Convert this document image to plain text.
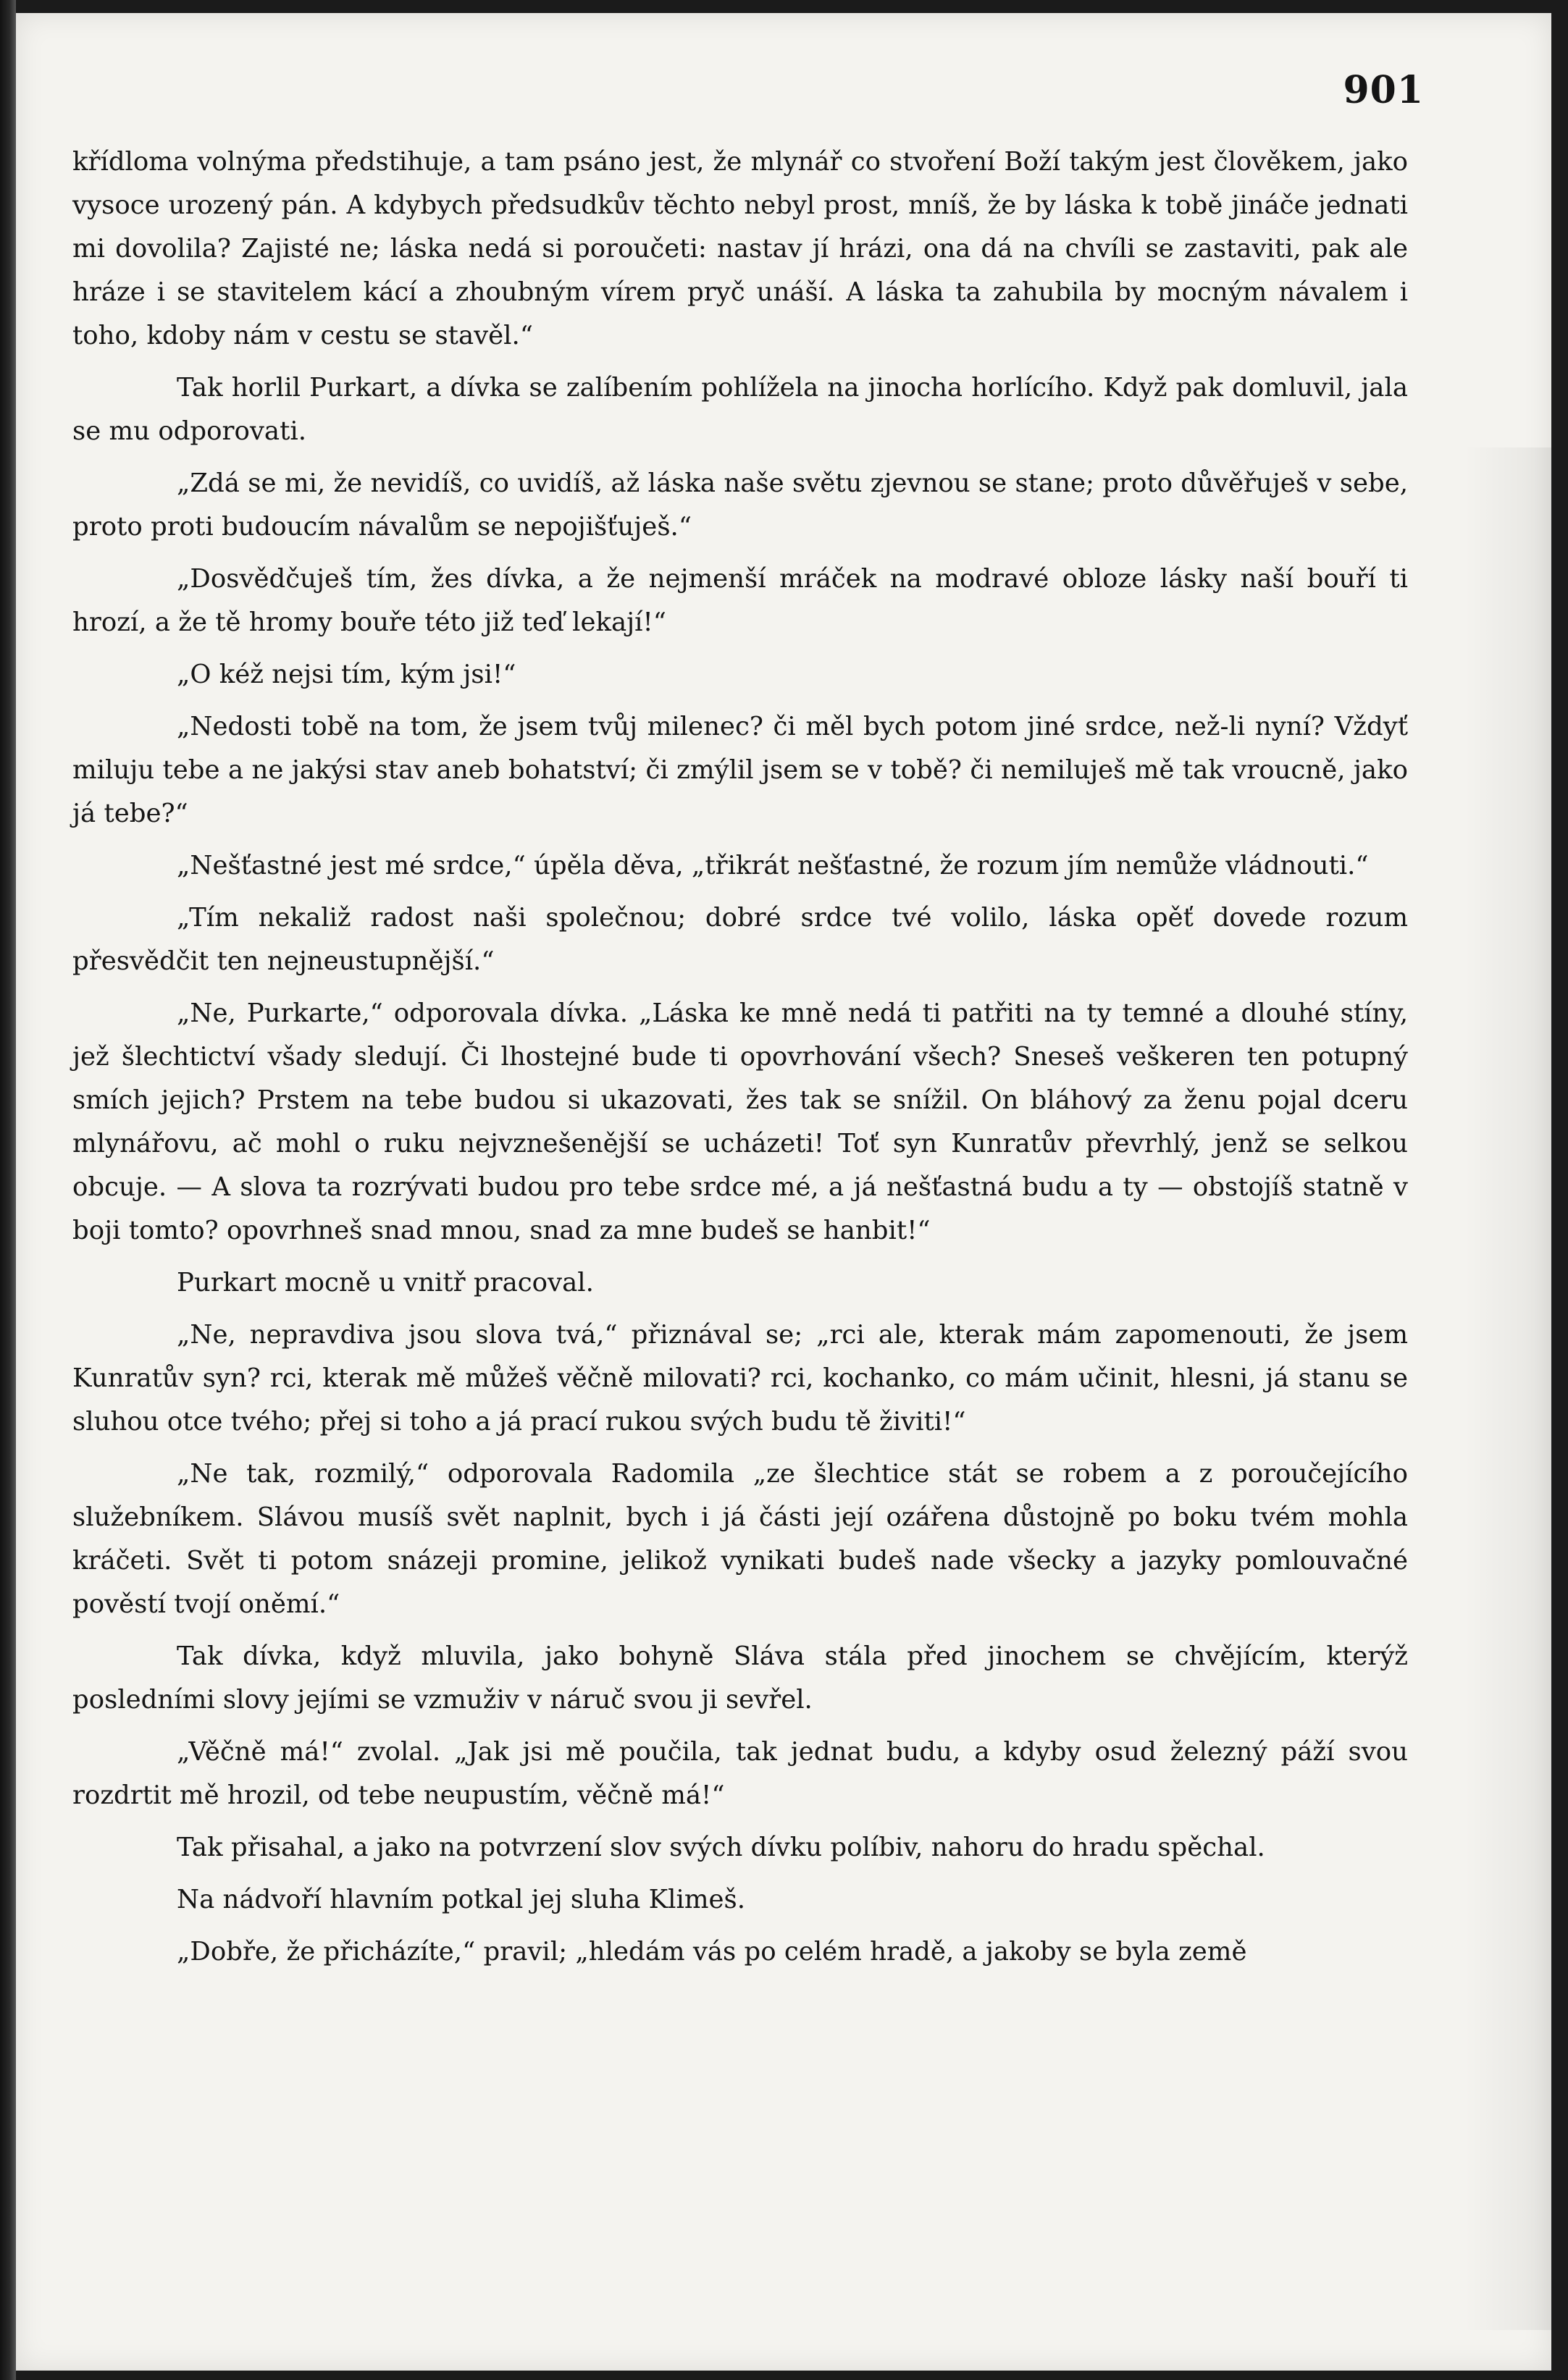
901

křídloma volnýma předstihuje, a tam psáno jest, že mlynář co stvoření Boží takým jest člověkem, jako vysoce urozený pán. A kdybych předsudkův těchto nebyl prost, mníš, že by láska k tobě jináče jednati mi dovolila? Zajisté ne; láska nedá si poroučeti: nastav jí hrázi, ona dá na chvíli se zastaviti, pak ale hráze i se stavitelem kácí a zhoubným vírem pryč unáší. A láska ta zahubila by mocným návalem i toho, kdoby nám v cestu se stavěl.“

Tak horlil Purkart, a dívka se zalíbením pohlížela na jinocha horlícího. Když pak domluvil, jala se mu odporovati.

„Zdá se mi, že nevidíš, co uvidíš, až láska naše světu zjevnou se stane; proto důvěřuješ v sebe, proto proti budoucím návalům se nepojišťuješ.“

„Dosvědčuješ tím, žes dívka, a že nejmenší mráček na modravé obloze lásky naší bouří ti hrozí, a že tě hromy bouře této již teď lekají!“

„O kéž nejsi tím, kým jsi!“

„Nedosti tobě na tom, že jsem tvůj milenec? či měl bych potom jiné srdce, než-li nyní? Vždyť miluju tebe a ne jakýsi stav aneb bohatství; či zmýlil jsem se v tobě? či nemiluješ mě tak vroucně, jako já tebe?“

„Nešťastné jest mé srdce,“ úpěla děva, „třikrát nešťastné, že rozum jím nemůže vládnouti.“

„Tím nekaliž radost naši společnou; dobré srdce tvé volilo, láska opěť dovede rozum přesvědčit ten nejneustupnější.“

„Ne, Purkarte,“ odporovala dívka. „Láska ke mně nedá ti patřiti na ty temné a dlouhé stíny, jež šlechtictví všady sledují. Či lhostejné bude ti opovrhování všech? Sneseš veškeren ten potupný smích jejich? Prstem na tebe budou si ukazovati, žes tak se snížil. On bláhový za ženu pojal dceru mlynářovu, ač mohl o ruku nejvznešenější se ucházeti! Toť syn Kunratův převrhlý, jenž se selkou obcuje. — A slova ta rozrývati budou pro tebe srdce mé, a já nešťastná budu a ty — obstojíš statně v boji tomto? opovrhneš snad mnou, snad za mne budeš se hanbit!“

Purkart mocně u vnitř pracoval.

„Ne, nepravdiva jsou slova tvá,“ přiznával se; „rci ale, kterak mám zapomenouti, že jsem Kunratův syn? rci, kterak mě můžeš věčně milovati? rci, kochanko, co mám učinit, hlesni, já stanu se sluhou otce tvého; přej si toho a já prací rukou svých budu tě živiti!“

„Ne tak, rozmilý,“ odporovala Radomila „ze šlechtice stát se robem a z poroučejícího služebníkem. Slávou musíš svět naplnit, bych i já části její ozářena důstojně po boku tvém mohla kráčeti. Svět ti potom snázeji promine, jelikož vynikati budeš nade všecky a jazyky pomlouvačné pověstí tvojí oněmí.“

Tak dívka, když mluvila, jako bohyně Sláva stála před jinochem se chvějícím, kterýž posledními slovy jejími se vzmuživ v náruč svou ji sevřel.

„Věčně má!“ zvolal. „Jak jsi mě poučila, tak jednat budu, a kdyby osud železný páží svou rozdrtit mě hrozil, od tebe neupustím, věčně má!“

Tak přisahal, a jako na potvrzení slov svých dívku políbiv, nahoru do hradu spěchal.

Na nádvoří hlavním potkal jej sluha Klimeš.

„Dobře, že přicházíte,“ pravil; „hledám vás po celém hradě, a jakoby se byla země
